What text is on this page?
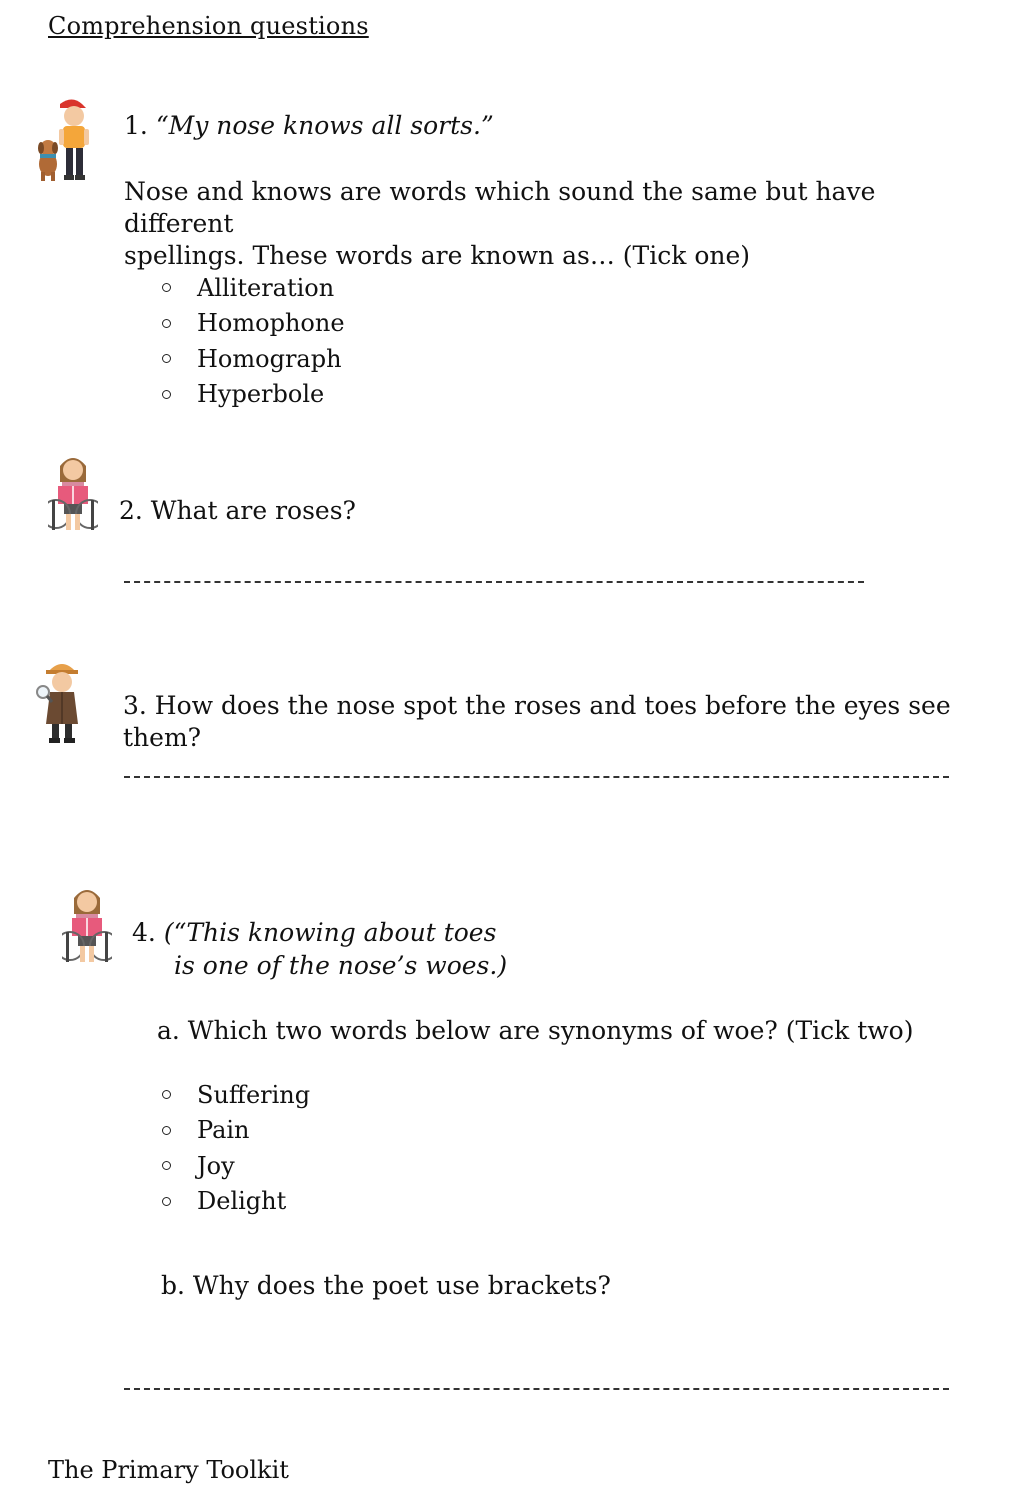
Comprehension questions
1. “My nose knows all sorts.”
Nose and knows are words which sound the same but have different
spellings. These words are known as… (Tick one)
Alliteration
Homophone
Homograph
Hyperbole
2. What are roses?
3. How does the nose spot the roses and toes before the eyes see them?
4. (“This knowing about toes
is one of the nose’s woes.)
a. Which two words below are synonyms of woe? (Tick two)
Suffering
Pain
Joy
Delight
b. Why does the poet use brackets?
The Primary Toolkit
